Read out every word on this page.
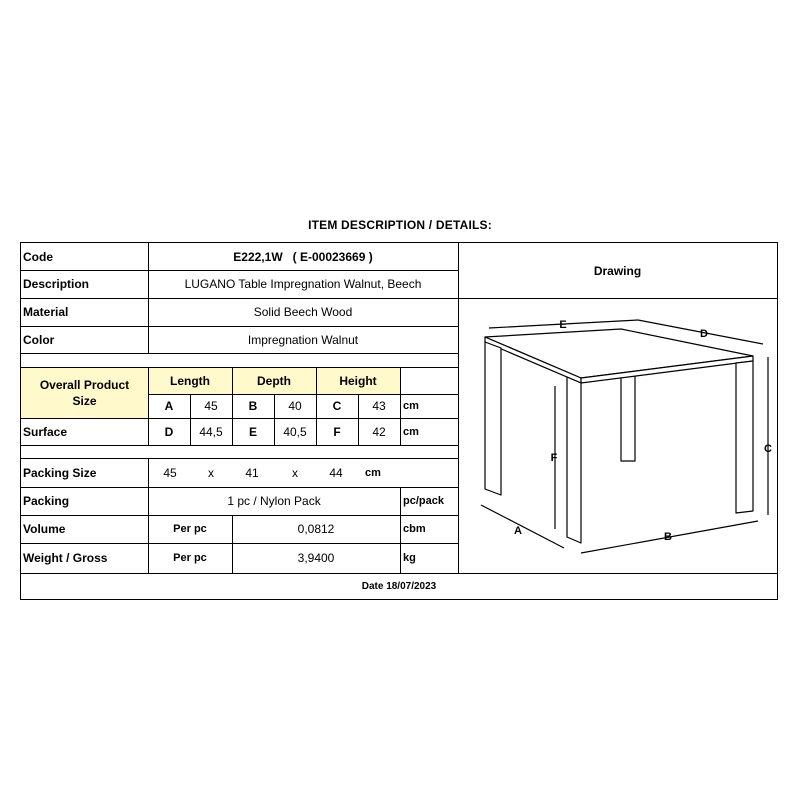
ITEM DESCRIPTION / DETAILS:
Code	E222,1W   ( E-00023669 )
Description	LUGANO Table Impregnation Walnut, Beech
Material	Solid Beech Wood
Color	Impregnation Walnut
Overall Product Size
Length	Depth	Height
A	45	B	40	C	43	cm
Surface	D	44,5	E	40,5	F	42	cm
Packing Size	45	x	41	x	44	cm
Packing	1 pc / Nylon Pack	pc/pack
Volume	Per pc	0,0812	cbm
Weight / Gross	Per pc	3,9400	kg
Date 18/07/2023
Drawing
E
D
C
F
A	B
